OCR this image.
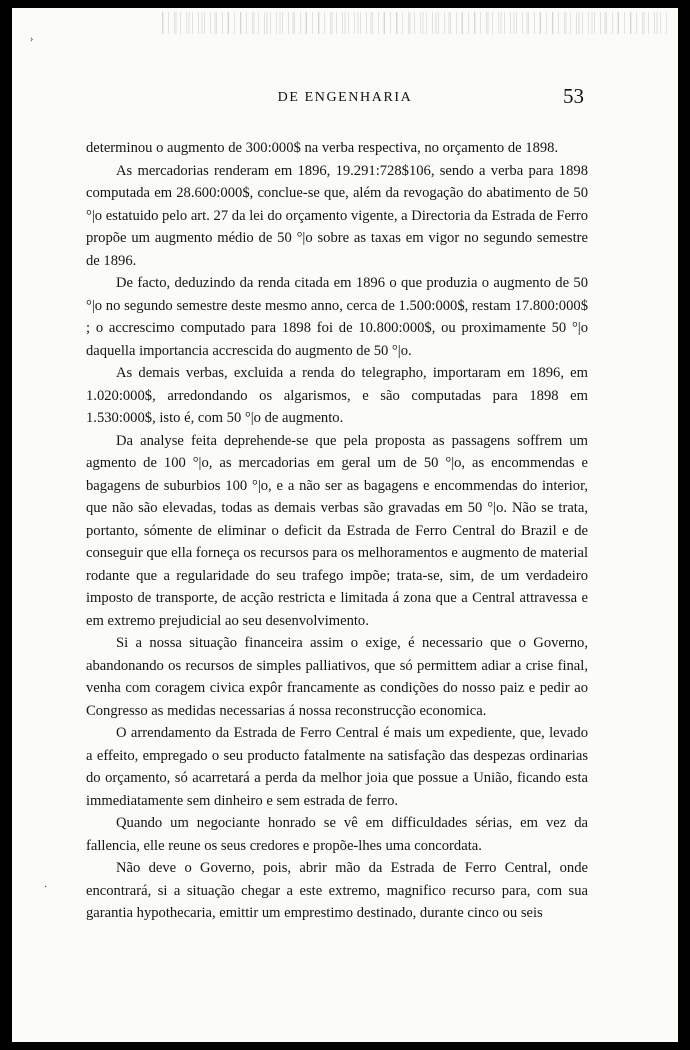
DE ENGENHARIA	53

determinou o augmento de 300:000$ na verba respectiva, no orçamento de 1898.

As mercadorias renderam em 1896, 19.291:728$106, sendo a verba para 1898 computada em 28.600:000$, conclue-se que, além da revogação do abatimento de 50 °|o estatuido pelo art. 27 da lei do orçamento vigente, a Directoria da Estrada de Ferro propõe um augmento médio de 50 °|o sobre as taxas em vigor no segundo semestre de 1896.

De facto, deduzindo da renda citada em 1896 o que produzia o augmento de 50 °|o no segundo semestre deste mesmo anno, cerca de 1.500:000$, restam 17.800:000$ ; o accrescimo computado para 1898 foi de 10.800:000$, ou proximamente 50 °|o daquella importancia accrescida do augmento de 50 °|o.

As demais verbas, excluida a renda do telegrapho, importaram em 1896, em 1.020:000$, arredondando os algarismos, e são computadas para 1898 em 1.530:000$, isto é, com 50 °|o de augmento.

Da analyse feita deprehende-se que pela proposta as passagens soffrem um agmento de 100 °|o, as mercadorias em geral um de 50 °|o, as encommendas e bagagens de suburbios 100 °|o, e a não ser as bagagens e encommendas do interior, que não são elevadas, todas as demais verbas são gravadas em 50 °|o. Não se trata, portanto, sómente de eliminar o deficit da Estrada de Ferro Central do Brazil e de conseguir que ella forneça os recursos para os melhoramentos e augmento de material rodante que a regularidade do seu trafego impõe; trata-se, sim, de um verdadeiro imposto de transporte, de acção restricta e limitada á zona que a Central attravessa e em extremo prejudicial ao seu desenvolvimento.

Si a nossa situação financeira assim o exige, é necessario que o Governo, abandonando os recursos de simples palliativos, que só permittem adiar a crise final, venha com coragem civica expôr francamente as condições do nosso paiz e pedir ao Congresso as medidas necessarias á nossa reconstrucção economica.

O arrendamento da Estrada de Ferro Central é mais um expediente, que, levado a effeito, empregado o seu producto fatalmente na satisfação das despezas ordinarias do orçamento, só acarretará a perda da melhor joia que possue a União, ficando esta immediatamente sem dinheiro e sem estrada de ferro.

Quando um negociante honrado se vê em difficuldades sérias, em vez da fallencia, elle reune os seus credores e propõe-lhes uma concordata.

Não deve o Governo, pois, abrir mão da Estrada de Ferro Central, onde encontrará, si a situação chegar a este extremo, magnifico recurso para, com sua garantia hypothecaria, emittir um emprestimo destinado, durante cinco ou seis

›
·
